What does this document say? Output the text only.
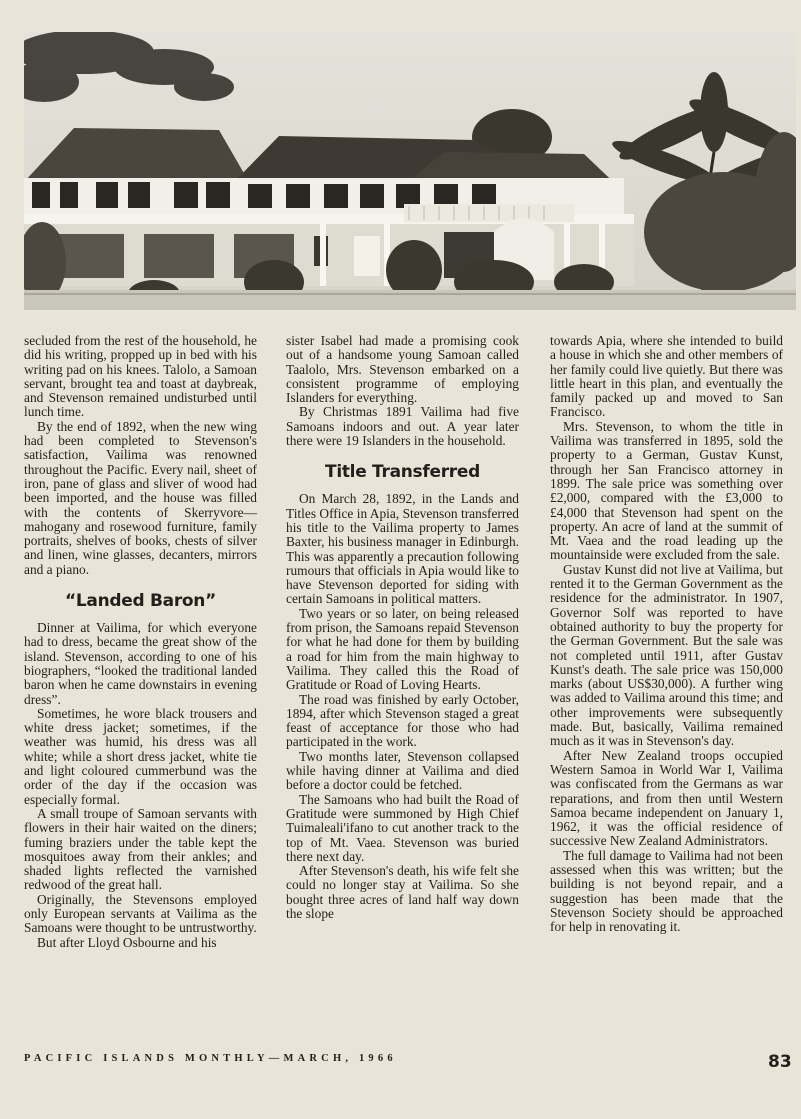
secluded from the rest of the household, he did his writing, propped up in bed with his writing pad on his knees. Talolo, a Samoan servant, brought tea and toast at daybreak, and Stevenson remained undisturbed until lunch time.

By the end of 1892, when the new wing had been completed to Stevenson's satisfaction, Vailima was renowned throughout the Pacific. Every nail, sheet of iron, pane of glass and sliver of wood had been imported, and the house was filled with the contents of Skerryvore—mahogany and rosewood furniture, family portraits, shelves of books, chests of silver and linen, wine glasses, decanters, mirrors and a piano.

“Landed Baron”

Dinner at Vailima, for which everyone had to dress, became the great show of the island. Stevenson, according to one of his biographers, “looked the traditional landed baron when he came downstairs in evening dress”.

Sometimes, he wore black trousers and white dress jacket; sometimes, if the weather was humid, his dress was all white; while a short dress jacket, white tie and light coloured cummerbund was the order of the day if the occasion was especially formal.

A small troupe of Samoan servants with flowers in their hair waited on the diners; fuming braziers under the table kept the mosquitoes away from their ankles; and shaded lights reflected the varnished redwood of the great hall.

Originally, the Stevensons employed only European servants at Vailima as the Samoans were thought to be untrustworthy.

But after Lloyd Osbourne and his

sister Isabel had made a promising cook out of a handsome young Samoan called Taalolo, Mrs. Stevenson embarked on a consistent programme of employing Islanders for everything.

By Christmas 1891 Vailima had five Samoans indoors and out. A year later there were 19 Islanders in the household.

Title Transferred

On March 28, 1892, in the Lands and Titles Office in Apia, Stevenson transferred his title to the Vailima property to James Baxter, his business manager in Edinburgh. This was apparently a precaution following rumours that officials in Apia would like to have Stevenson deported for siding with certain Samoans in political matters.

Two years or so later, on being released from prison, the Samoans repaid Stevenson for what he had done for them by building a road for him from the main highway to Vailima. They called this the Road of Gratitude or Road of Loving Hearts.

The road was finished by early October, 1894, after which Stevenson staged a great feast of acceptance for those who had participated in the work.

Two months later, Stevenson collapsed while having dinner at Vailima and died before a doctor could be fetched.

The Samoans who had built the Road of Gratitude were summoned by High Chief Tuimaleali'ifano to cut another track to the top of Mt. Vaea. Stevenson was buried there next day.

After Stevenson's death, his wife felt she could no longer stay at Vailima. So she bought three acres of land half way down the slope

towards Apia, where she intended to build a house in which she and other members of her family could live quietly. But there was little heart in this plan, and eventually the family packed up and moved to San Francisco.

Mrs. Stevenson, to whom the title in Vailima was transferred in 1895, sold the property to a German, Gustav Kunst, through her San Francisco attorney in 1899. The sale price was something over £2,000, compared with the £3,000 to £4,000 that Stevenson had spent on the property. An acre of land at the summit of Mt. Vaea and the road leading up the mountainside were excluded from the sale.

Gustav Kunst did not live at Vailima, but rented it to the German Government as the residence for the administrator. In 1907, Governor Solf was reported to have obtained authority to buy the property for the German Government. But the sale was not completed until 1911, after Gustav Kunst's death. The sale price was 150,000 marks (about US$30,000). A further wing was added to Vailima around this time; and other improvements were subsequently made. But, basically, Vailima remained much as it was in Stevenson's day.

After New Zealand troops occupied Western Samoa in World War I, Vailima was confiscated from the Germans as war reparations, and from then until Western Samoa became independent on January 1, 1962, it was the official residence of successive New Zealand Administrators.

The full damage to Vailima had not been assessed when this was written; but the building is not beyond repair, and a suggestion has been made that the Stevenson Society should be approached for help in renovating it.

PACIFIC ISLANDS MONTHLY—MARCH, 1966	83
